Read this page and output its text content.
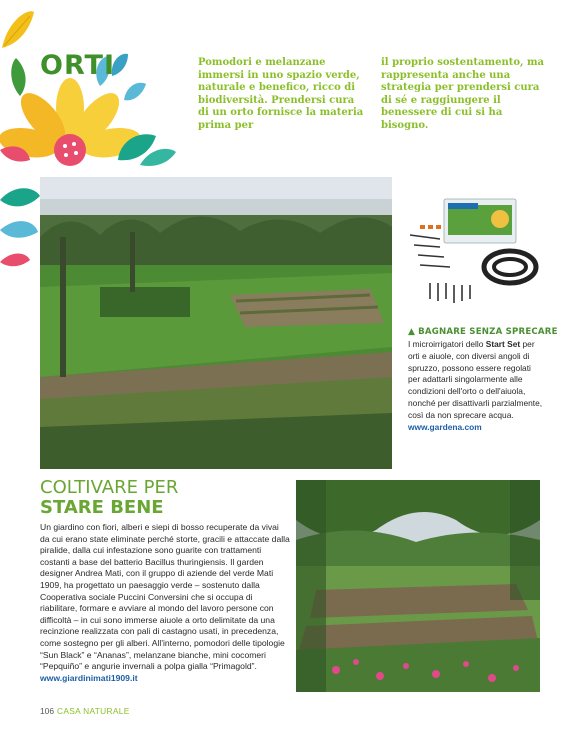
ORTI	Pomodori e melanzane immersi in uno spazio verde, naturale e benefico, ricco di biodiversità. Prendersi cura di un orto fornisce la materia prima per
il proprio sostentamento, ma rappresenta anche una strategia per prendersi cura di sé e raggiungere il benessere di cui si ha bisogno.
▲ BAGNARE SENZA SPRECARE
I microirrigatori dello Start Set per orti e aiuole, con diversi angoli di spruzzo, possono essere regolati per adattarli singolarmente alle condizioni dell'orto o dell'aiuola, nonché per disattivarli parzialmente, così da non sprecare acqua.
www.gardena.com
COLTIVARE PER
STARE BENE
Un giardino con fiori, alberi e siepi di bosso recuperate da vivai da cui erano state eliminate perché storte, gracili e attaccate dalla piralide, dalla cui infestazione sono guarite con trattamenti costanti a base del batterio Bacillus thuringiensis. Il garden designer Andrea Mati, con il gruppo di aziende del verde Mati 1909, ha progettato un paesaggio verde – sostenuto dalla Cooperativa sociale Puccini Conversini che si occupa di riabilitare, formare e avviare al mondo del lavoro persone con difficoltà – in cui sono immerse aiuole a orto delimitate da una recinzione realizzata con pali di castagno usati, in precedenza, come sostegno per gli alberi. All'interno, pomodori delle tipologie “Sun Black” e “Ananas”, melanzane bianche, mini cocomeri “Pepquiño” e angurie invernali a polpa gialla “Primagold”.
www.giardinimati1909.it
106 CASA NATURALE
